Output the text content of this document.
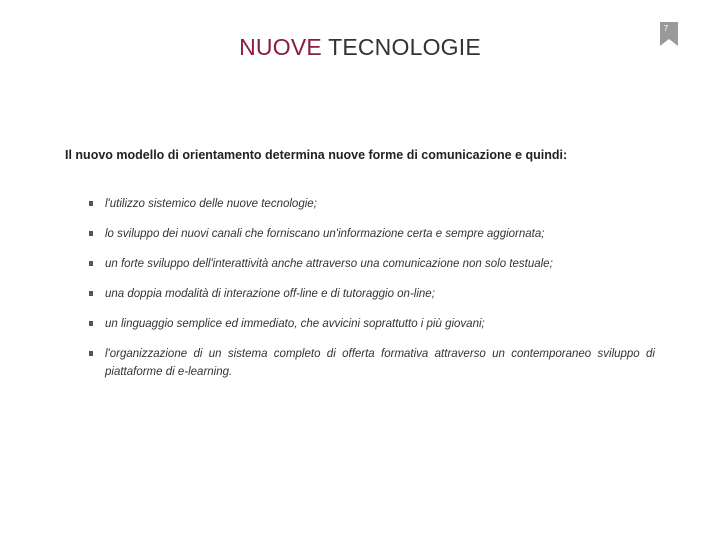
NUOVE TECNOLOGIE
7
Il nuovo modello di orientamento determina nuove forme di comunicazione e quindi:
l'utilizzo sistemico delle nuove tecnologie;
lo sviluppo dei nuovi canali che forniscano un'informazione certa e sempre aggiornata;
un forte sviluppo dell'interattività anche attraverso una comunicazione non solo testuale;
una doppia modalità di interazione off-line e di tutoraggio on-line;
un linguaggio semplice ed immediato, che avvicini soprattutto i più giovani;
l'organizzazione di un sistema completo di offerta formativa attraverso un contemporaneo sviluppo di piattaforme di e-learning.
